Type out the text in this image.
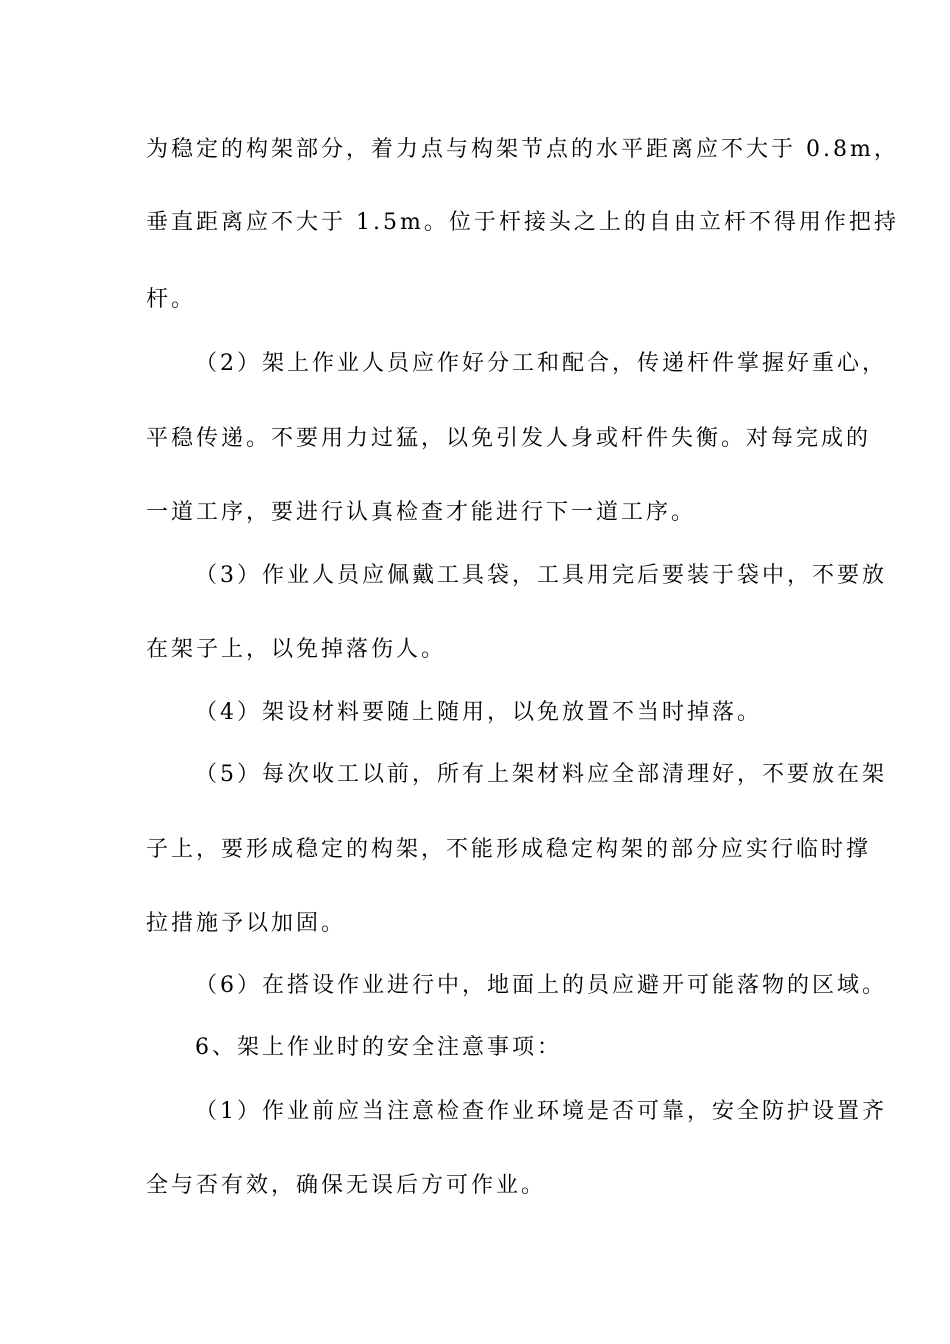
为稳定的构架部分，着力点与构架节点的水平距离应不大于 0.8m，
垂直距离应不大于 1.5m。位于杆接头之上的自由立杆不得用作把持
杆。
（2）架上作业人员应作好分工和配合，传递杆件掌握好重心，
平稳传递。不要用力过猛，以免引发人身或杆件失衡。对每完成的
一道工序，要进行认真检查才能进行下一道工序。
（3）作业人员应佩戴工具袋，工具用完后要装于袋中，不要放
在架子上，以免掉落伤人。
（4）架设材料要随上随用，以免放置不当时掉落。
（5）每次收工以前，所有上架材料应全部清理好，不要放在架
子上，要形成稳定的构架，不能形成稳定构架的部分应实行临时撑
拉措施予以加固。
（6）在搭设作业进行中，地面上的员应避开可能落物的区域。
6、架上作业时的安全注意事项：
（1）作业前应当注意检查作业环境是否可靠，安全防护设置齐
全与否有效，确保无误后方可作业。
